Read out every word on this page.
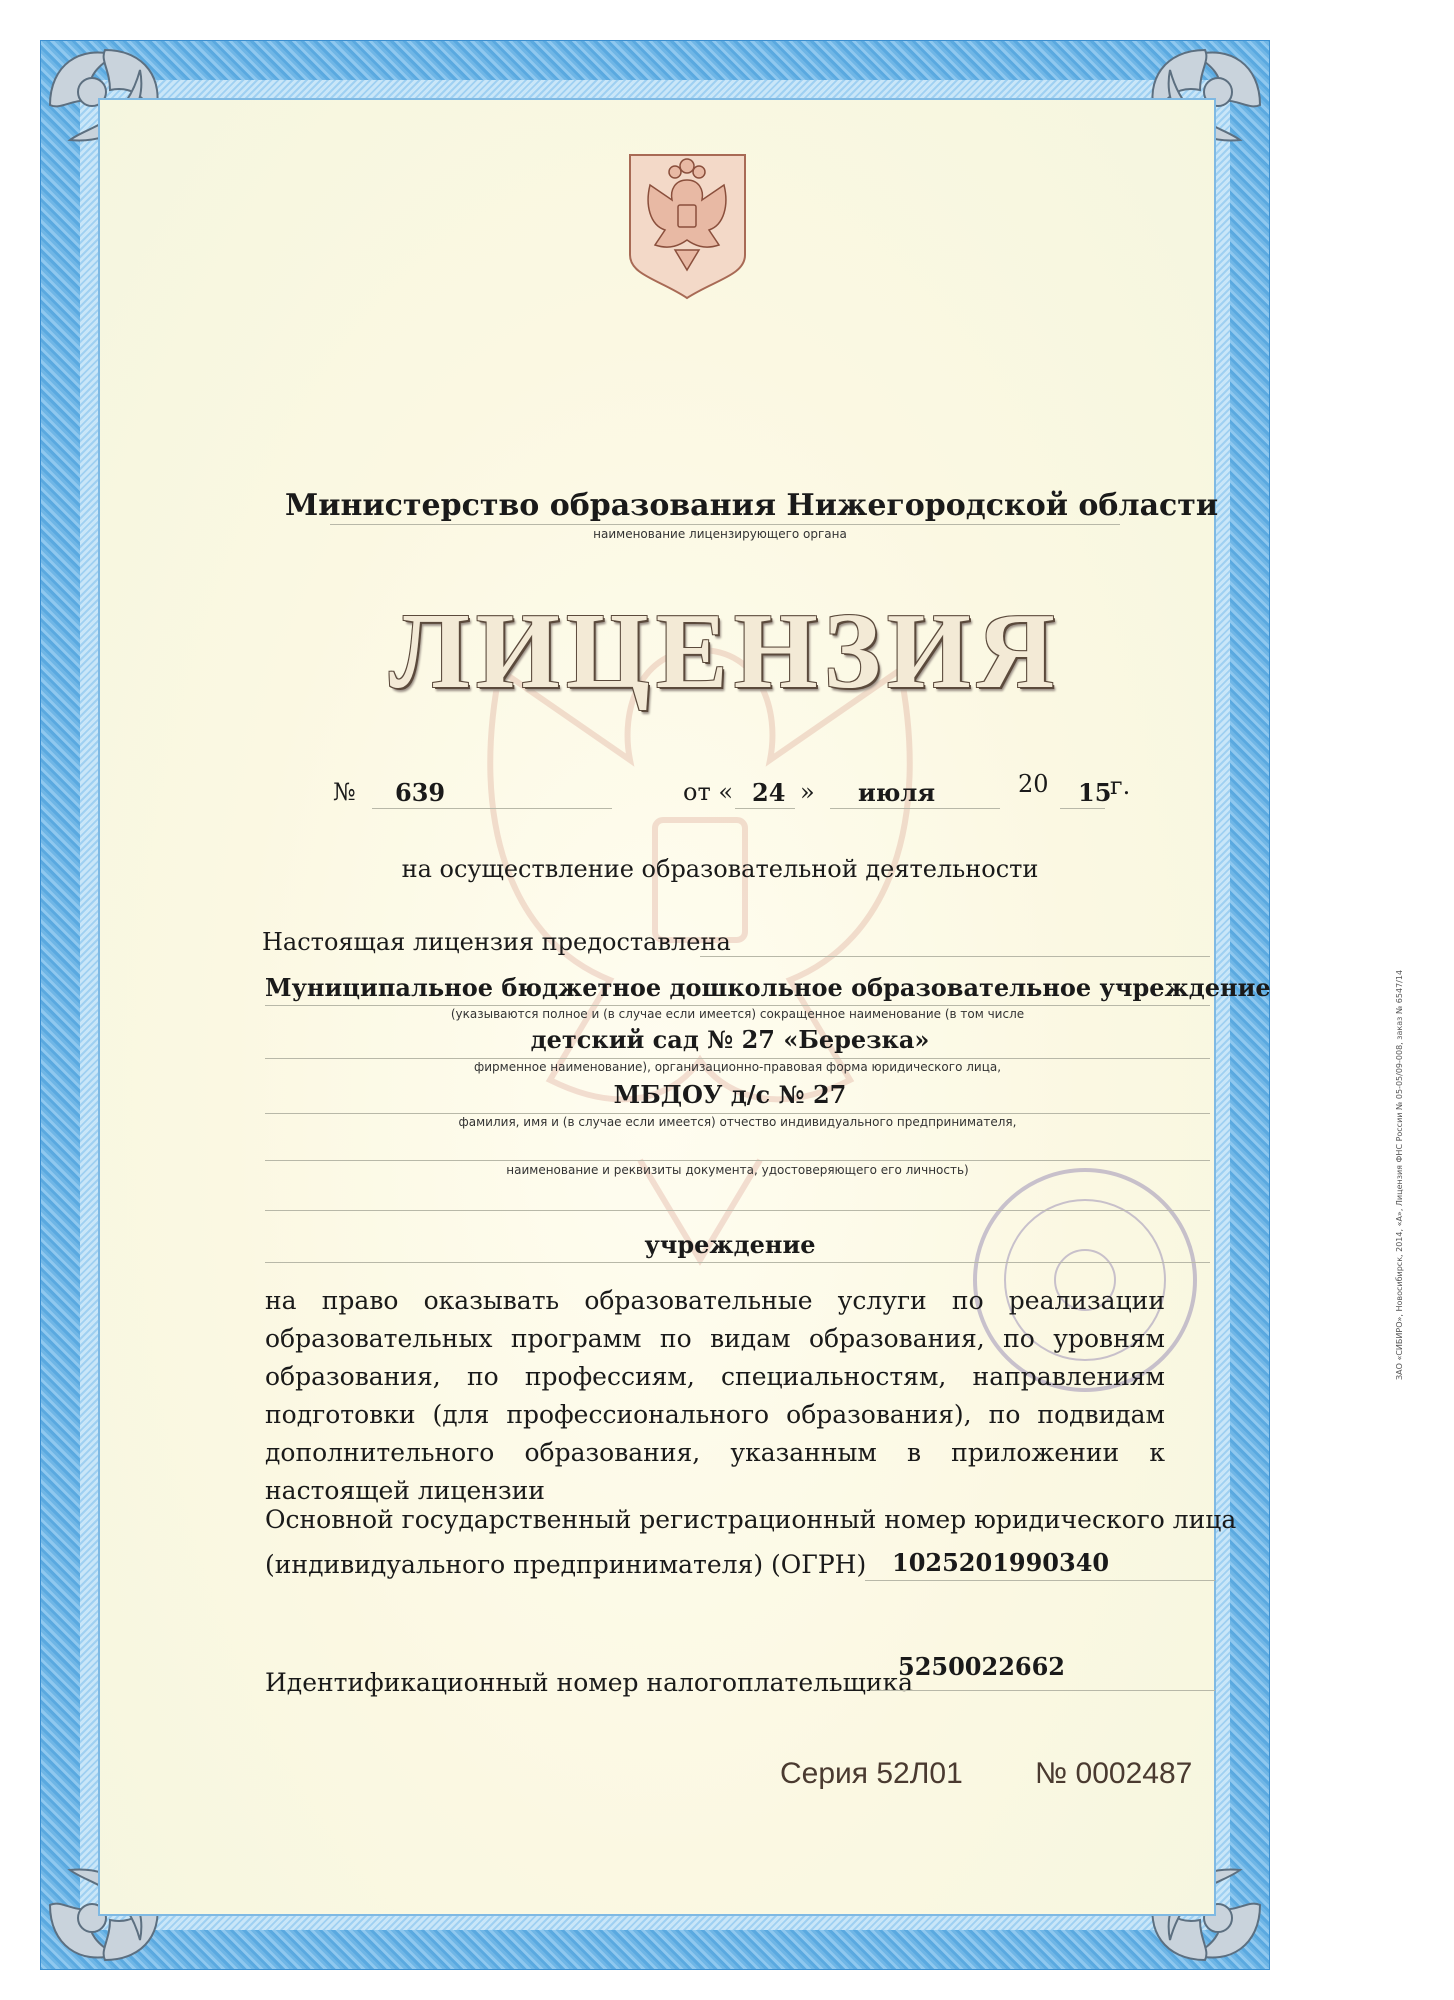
Министерство образования Нижегородской области
наименование лицензирующего органа
ЛИЦЕНЗИЯ
№ 639	от « 24 » июля	20 15
г.
на осуществление образовательной деятельности
Настоящая лицензия предоставлена
Муниципальное бюджетное дошкольное образовательное учреждение
(указываются полное и (в случае если имеется) сокращенное наименование (в том числе
детский сад № 27 «Березка»
фирменное наименование), организационно-правовая форма юридического лица,
МБДОУ д/с № 27
фамилия, имя и (в случае если имеется) отчество индивидуального предпринимателя,
наименование и реквизиты документа, удостоверяющего его личность)
учреждение
на право оказывать образовательные услуги по реализации образовательных программ по видам образования, по уровням образования, по профессиям, специальностям, направлениям подготовки (для профессионального образования), по подвидам дополнительного образования, указанным в приложении к настоящей лицензии
Основной государственный регистрационный номер юридического лица
(индивидуального предпринимателя) (ОГРН) 1025201990340
Идентификационный номер налогоплательщика
5250022662
Серия 52Л01 № 0002487
ЗАО «СИБИРО», Новосибирск, 2014, «А», Лицензия ФНС России № 05-05/09-008, заказ № 6547/14
